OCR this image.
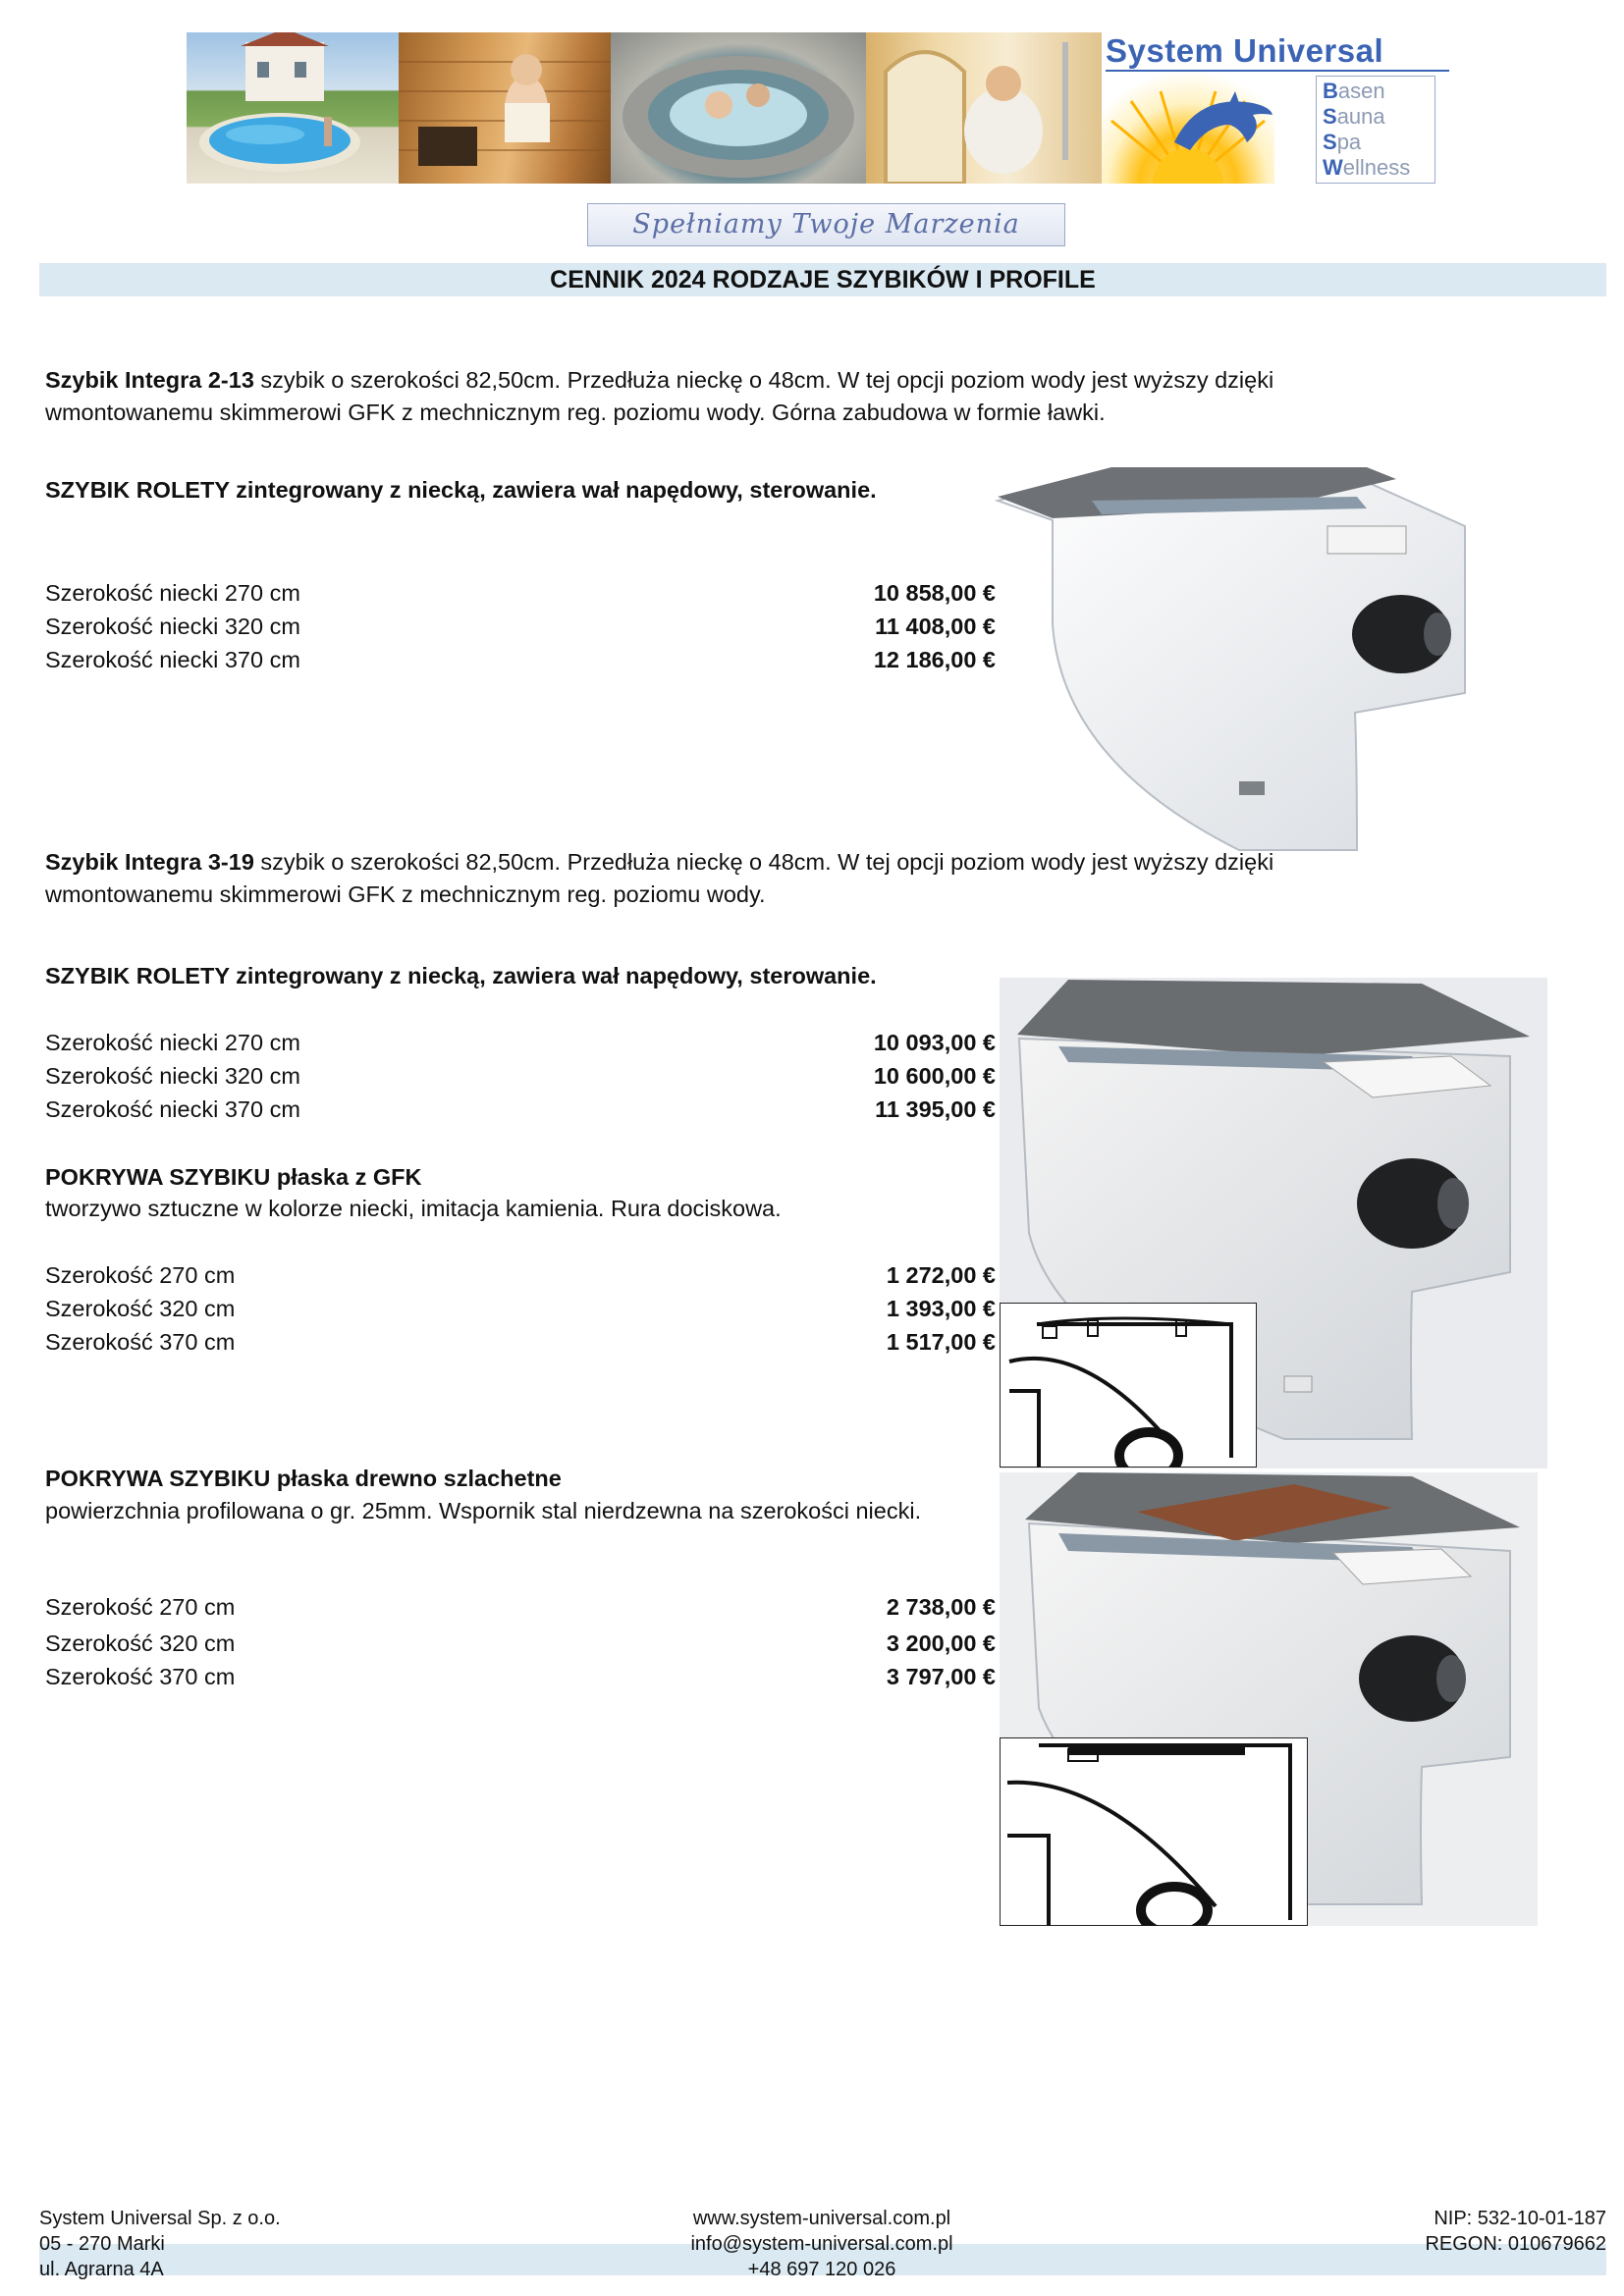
System Universal
Basen
Sauna
Spa
Wellness
Spełniamy Twoje Marzenia
CENNIK 2024 RODZAJE SZYBIKÓW I PROFILE
Szybik Integra 2-13 szybik o szerokości 82,50cm. Przedłuża nieckę o 48cm. W tej opcji poziom wody jest wyższy dzięki wmontowanemu skimmerowi GFK z mechnicznym reg. poziomu wody. Górna zabudowa w formie ławki.
SZYBIK ROLETY zintegrowany z niecką, zawiera wał napędowy, sterowanie.
Szerokość niecki 270 cm	10 858,00 €
Szerokość niecki 320 cm	11 408,00 €
Szerokość niecki 370 cm	12 186,00 €
Szybik Integra 3-19 szybik o szerokości 82,50cm. Przedłuża nieckę o 48cm. W tej opcji poziom wody jest wyższy dzięki wmontowanemu skimmerowi GFK z mechnicznym reg. poziomu wody.
SZYBIK ROLETY zintegrowany z niecką, zawiera wał napędowy, sterowanie.
Szerokość niecki 270 cm	10 093,00 €
Szerokość niecki 320 cm	10 600,00 €
Szerokość niecki 370 cm	11 395,00 €
POKRYWA SZYBIKU płaska z GFK
tworzywo sztuczne w kolorze niecki, imitacja kamienia. Rura dociskowa.
Szerokość 270 cm	1 272,00 €
Szerokość 320 cm	1 393,00 €
Szerokość 370 cm	1 517,00 €
POKRYWA SZYBIKU płaska drewno szlachetne
powierzchnia profilowana o gr. 25mm. Wspornik stal nierdzewna na szerokości niecki.
Szerokość 270 cm	2 738,00 €
Szerokość 320 cm	3 200,00 €
Szerokość 370 cm	3 797,00 €
System Universal Sp. z o.o.
05 - 270 Marki
ul. Agrarna 4A
www.system-universal.com.pl
info@system-universal.com.pl
+48 697 120 026
NIP: 532-10-01-187
REGON: 010679662
